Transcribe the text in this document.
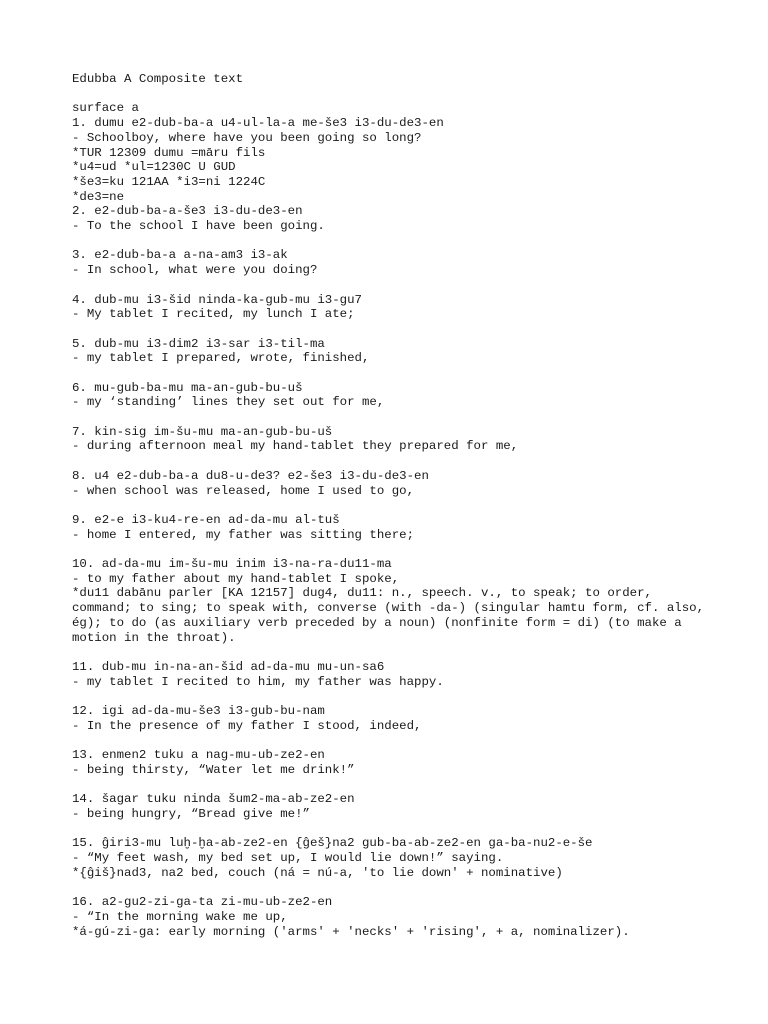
Edubba A Composite text
surface a
1. dumu e2-dub-ba-a u4-ul-la-a me-še3 i3-du-de3-en
- Schoolboy, where have you been going so long?
*TUR 12309 dumu =māru fils
*u4=ud *ul=1230C U GUD
*še3=ku 121AA *i3=ni 1224C
*de3=ne
2. e2-dub-ba-a-še3 i3-du-de3-en
- To the school I have been going.
3. e2-dub-ba-a a-na-am3 i3-ak
- In school, what were you doing?
4. dub-mu i3-šid ninda-ka-gub-mu i3-gu7
- My tablet I recited, my lunch I ate;
5. dub-mu i3-dim2 i3-sar i3-til-ma
- my tablet I prepared, wrote, finished,
6. mu-gub-ba-mu ma-an-gub-bu-uš
- my ‘standing’ lines they set out for me,
7. kin-sig im-šu-mu ma-an-gub-bu-uš
- during afternoon meal my hand-tablet they prepared for me,
8. u4 e2-dub-ba-a du8-u-de3? e2-še3 i3-du-de3-en
- when school was released, home I used to go,
9. e2-e i3-ku4-re-en ad-da-mu al-tuš
- home I entered, my father was sitting there;
10. ad-da-mu im-šu-mu inim i3-na-ra-du11-ma
- to my father about my hand-tablet I spoke,
*du11 dabānu parler [KA 12157] dug4, du11: n., speech. v., to speak; to order, command; to sing; to speak with, converse (with -da-) (singular hamtu form, cf. also, ég); to do (as auxiliary verb preceded by a noun) (nonfinite form = di) (to make a motion in the throat).
11. dub-mu in-na-an-šid ad-da-mu mu-un-sa6
- my tablet I recited to him, my father was happy.
12. igi ad-da-mu-še3 i3-gub-bu-nam
- In the presence of my father I stood, indeed,
13. enmen2 tuku a nag-mu-ub-ze2-en
- being thirsty, “Water let me drink!”
14. šagar tuku ninda šum2-ma-ab-ze2-en
- being hungry, “Bread give me!”
15. ĝiri3-mu luḫ-ḫa-ab-ze2-en {ĝeš}na2 gub-ba-ab-ze2-en ga-ba-nu2-e-še
- “My feet wash, my bed set up, I would lie down!” saying.
*{ĝiš}nad3, na2 bed, couch (ná = nú-a, 'to lie down' + nominative)
16. a2-gu2-zi-ga-ta zi-mu-ub-ze2-en
- “In the morning wake me up,
*á-gú-zi-ga: early morning ('arms' + 'necks' + 'rising', + a, nominalizer).
